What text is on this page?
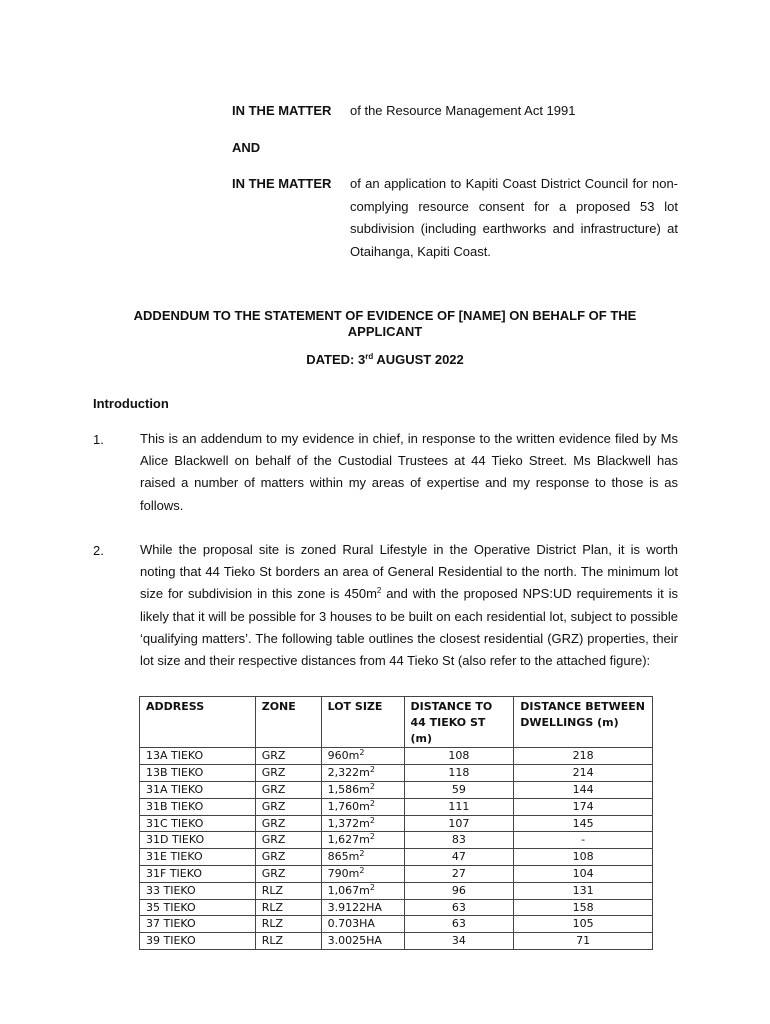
IN THE MATTER of the Resource Management Act 1991
AND
IN THE MATTER of an application to Kapiti Coast District Council for non-complying resource consent for a proposed 53 lot subdivision (including earthworks and infrastructure) at Otaihanga, Kapiti Coast.
ADDENDUM TO THE STATEMENT OF EVIDENCE OF [NAME] ON BEHALF OF THE APPLICANT
DATED: 3rd AUGUST 2022
Introduction
1.	This is an addendum to my evidence in chief, in response to the written evidence filed by Ms Alice Blackwell on behalf of the Custodial Trustees at 44 Tieko Street. Ms Blackwell has raised a number of matters within my areas of expertise and my response to those is as follows.
2.	While the proposal site is zoned Rural Lifestyle in the Operative District Plan, it is worth noting that 44 Tieko St borders an area of General Residential to the north. The minimum lot size for subdivision in this zone is $450m^2$ and with the proposed NPS:UD requirements it is likely that it will be possible for 3 houses to be built on each residential lot, subject to possible ‘qualifying matters’. The following table outlines the closest residential (GRZ) properties, their lot size and their respective distances from 44 Tieko St (also refer to the attached figure):
ADDRESS	ZONE	LOT SIZE	DISTANCE TO 44 TIEKO ST (m)	DISTANCE BETWEEN DWELLINGS (m)
13A TIEKO	GRZ	$960m^2$	108	218
13B TIEKO	GRZ	$2,322m^2$	118	214
31A TIEKO	GRZ	$1,586m^2$	59	144
31B TIEKO	GRZ	$1,760m^2$	111	174
31C TIEKO	GRZ	$1,372m^2$	107	145
31D TIEKO	GRZ	$1,627m^2$	83	-
31E TIEKO	GRZ	$865m^2$	47	108
31F TIEKO	GRZ	$790m^2$	27	104
33 TIEKO	RLZ	$1,067m^2$	96	131
35 TIEKO	RLZ	3.9122HA	63	158
37 TIEKO	RLZ	0.703HA	63	105
39 TIEKO	RLZ	3.0025HA	34	71
